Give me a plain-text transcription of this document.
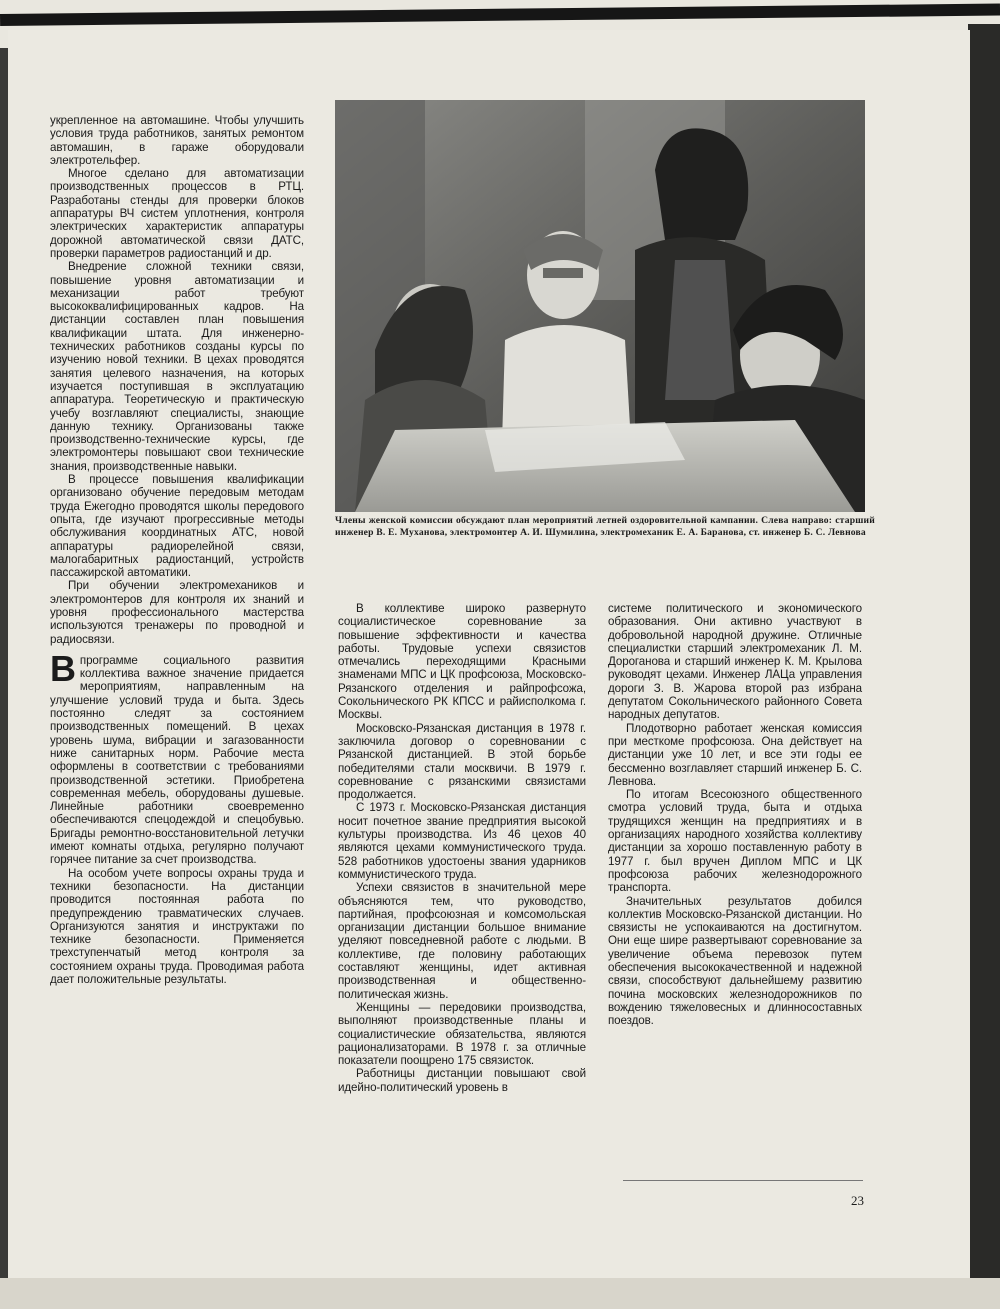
укрепленное на автомашине. Чтобы улучшить условия труда работников, занятых ремонтом автомашин, в гараже оборудовали электротельфер.

Многое сделано для автоматизации производственных процессов в РТЦ. Разработаны стенды для проверки блоков аппаратуры ВЧ систем уплотнения, контроля электрических характеристик аппаратуры дорожной автоматической связи ДАТС, проверки параметров радиостанций и др.

Внедрение сложной техники связи, повышение уровня автоматизации и механизации работ требуют высококвалифицированных кадров. На дистанции составлен план повышения квалификации штата. Для инженерно-технических работников созданы курсы по изучению новой техники. В цехах проводятся занятия целевого назначения, на которых изучается поступившая в эксплуатацию аппаратура. Теоретическую и практическую учебу возглавляют специалисты, знающие данную технику. Организованы также производственно-технические курсы, где электромонтеры повышают свои технические знания, производственные навыки.

В процессе повышения квалификации организовано обучение передовым методам труда Ежегодно проводятся школы передового опыта, где изучают прогрессивные методы обслуживания координатных АТС, новой аппаратуры радиорелейной связи, малогабаритных радиостанций, устройств пассажирской автоматики.

При обучении электромехаников и электромонтеров для контроля их знаний и уровня профессионального мастерства используются тренажеры по проводной и радиосвязи.

В программе социального развития коллектива важное значение придается мероприятиям, направленным на улучшение условий труда и быта. Здесь постоянно следят за состоянием производственных помещений. В цехах уровень шума, вибрации и загазованности ниже санитарных норм. Рабочие места оформлены в соответствии с требованиями производственной эстетики. Приобретена современная мебель, оборудованы душевые. Линейные работники своевременно обеспечиваются спецодеждой и спецобувью. Бригады ремонтно-восстановительной летучки имеют комнаты отдыха, регулярно получают горячее питание за счет производства.

На особом учете вопросы охраны труда и техники безопасности. На дистанции проводится постоянная работа по предупреждению травматических случаев. Организуются занятия и инструктажи по технике безопасности. Применяется трехступенчатый метод контроля за состоянием охраны труда. Проводимая работа дает положительные результаты.

Члены женской комиссии обсуждают план мероприятий летней оздоровительной кампании. Слева направо: старший инженер В. Е. Муханова, электромонтер А. И. Шумилина, электромеханик Е. А. Баранова, ст. инженер Б. С. Левнова

В коллективе широко развернуто социалистическое соревнование за повышение эффективности и качества работы. Трудовые успехи связистов отмечались переходящими Красными знаменами МПС и ЦК профсоюза, Московско-Рязанского отделения и райпрофсожа, Сокольнического РК КПСС и райисполкома г. Москвы.

Московско-Рязанская дистанция в 1978 г. заключила договор о соревновании с Рязанской дистанцией. В этой борьбе победителями стали москвичи. В 1979 г. соревнование с рязанскими связистами продолжается.

С 1973 г. Московско-Рязанская дистанция носит почетное звание предприятия высокой культуры производства. Из 46 цехов 40 являются цехами коммунистического труда. 528 работников удостоены звания ударников коммунистического труда.

Успехи связистов в значительной мере объясняются тем, что руководство, партийная, профсоюзная и комсомольская организации дистанции большое внимание уделяют повседневной работе с людьми. В коллективе, где половину работающих составляют женщины, идет активная производственная и общественно-политическая жизнь.

Женщины — передовики производства, выполняют производственные планы и социалистические обязательства, являются рационализаторами. В 1978 г. за отличные показатели поощрено 175 связисток.

Работницы дистанции повышают свой идейно-политический уровень в

системе политического и экономического образования. Они активно участвуют в добровольной народной дружине. Отличные специалистки старший электромеханик Л. М. Дороганова и старший инженер К. М. Крылова руководят цехами. Инженер ЛАЦа управления дороги З. В. Жарова второй раз избрана депутатом Сокольнического районного Совета народных депутатов.

Плодотворно работает женская комиссия при месткоме профсоюза. Она действует на дистанции уже 10 лет, и все эти годы ее бессменно возглавляет старший инженер Б. С. Левнова.

По итогам Всесоюзного общественного смотра условий труда, быта и отдыха трудящихся женщин на предприятиях и в организациях народного хозяйства коллективу дистанции за хорошо поставленную работу в 1977 г. был вручен Диплом МПС и ЦК профсоюза рабочих железнодорожного транспорта.

Значительных результатов добился коллектив Московско-Рязанской дистанции. Но связисты не успокаиваются на достигнутом. Они еще шире развертывают соревнование за увеличение объема перевозок путем обеспечения высококачественной и надежной связи, способствуют дальнейшему развитию почина московских железнодорожников по вождению тяжеловесных и длинносоставных поездов.

23
